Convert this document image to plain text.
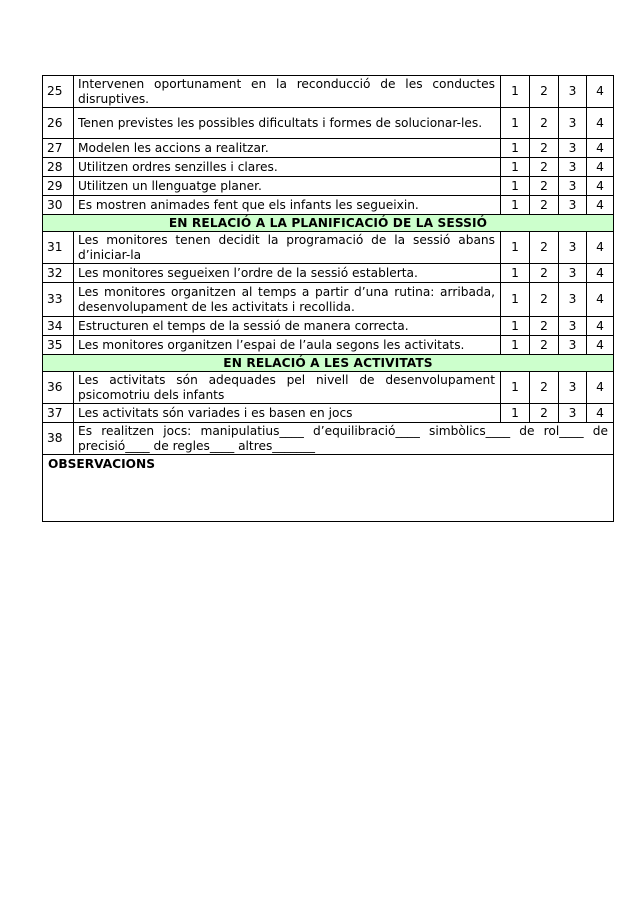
25	Intervenen oportunament en la reconducció de les conductes disruptives.	1	2	3	4
26	Tenen previstes les possibles dificultats i formes de solucionar-les.	1	2	3	4
27	Modelen les accions a realitzar.	1	2	3	4
28	Utilitzen ordres senzilles i clares.	1	2	3	4
29	Utilitzen un llenguatge planer.	1	2	3	4
30	Es mostren animades fent que els infants les segueixin.	1	2	3	4
EN RELACIÓ A LA PLANIFICACIÓ DE LA SESSIÓ					
31	Les monitores tenen decidit la programació de la sessió abans d’iniciar-la	1	2	3	4
32	Les monitores segueixen l’ordre de la sessió establerta.	1	2	3	4
33	Les monitores organitzen al temps a partir d’una rutina: arribada, desenvolupament de les activitats i recollida.	1	2	3	4
34	Estructuren el temps de la sessió de manera correcta.	1	2	3	4
35	Les monitores organitzen l’espai de l’aula segons les activitats.	1	2	3	4
EN RELACIÓ A LES ACTIVITATS					
36	Les activitats són adequades pel nivell de desenvolupament psicomotriu dels infants	1	2	3	4
37	Les activitats són variades i es basen en jocs	1	2	3	4
38	Es realitzen jocs: manipulatius____ d’equilibració____ simbòlics____ de rol____ de precisió____ de regles____ altres_______				
OBSERVACIONS					
